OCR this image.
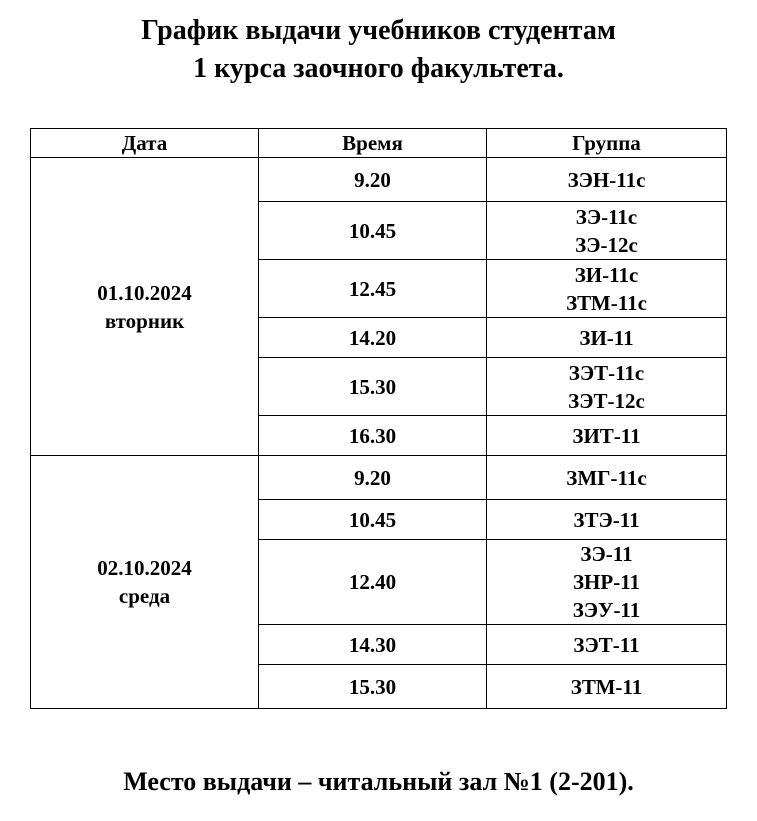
График выдачи учебников студентам
1 курса заочного факультета.
Дата	Время	Группа

01.10.2024
вторник	9.20	ЗЭН-11с

	10.45	ЗЭ-11с
ЗЭ-12с

	12.45	ЗИ-11с
ЗТМ-11с

	14.20	ЗИ-11

	15.30	ЗЭТ-11с
ЗЭТ-12с

	16.30	ЗИТ-11

02.10.2024
среда	9.20	ЗМГ-11с

	10.45	ЗТЭ-11

	12.40	ЗЭ-11
ЗНР-11
ЗЭУ-11

	14.30	ЗЭТ-11

	15.30	ЗТМ-11
Место выдачи – читальный зал №1 (2-201).
